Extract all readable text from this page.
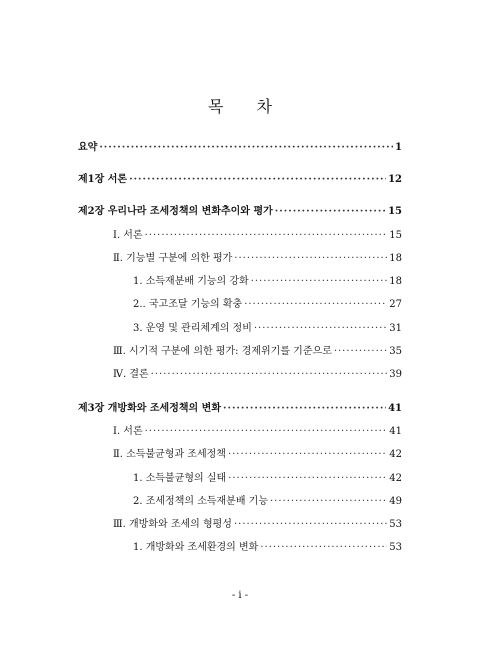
목 차
요약 ·····	1
제1장 서론 ·····	12
제2장 우리나라 조세정책의 변화추이와 평가 ·····	15
Ⅰ. 서론 ·····	15
Ⅱ. 기능별 구분에 의한 평가 ·····	18
1. 소득재분배 기능의 강화 ·····	18
2.. 국고조달 기능의 확충 ·····	27
3. 운영 및 관리체계의 정비 ·····	31
Ⅲ. 시기적 구분에 의한 평가: 경제위기를 기준으로 ·····	35
Ⅳ. 결론 ·····	39
제3장 개방화와 조세정책의 변화 ·····	41
Ⅰ. 서론 ·····	41
Ⅱ. 소득불균형과 조세정책 ·····	42
1. 소득불균형의 실태 ·····	42
2. 조세정책의 소득재분배 기능 ·····	49
Ⅲ. 개방화와 조세의 형평성 ·····	53
1. 개방화와 조세환경의 변화 ·····	53
- i -
